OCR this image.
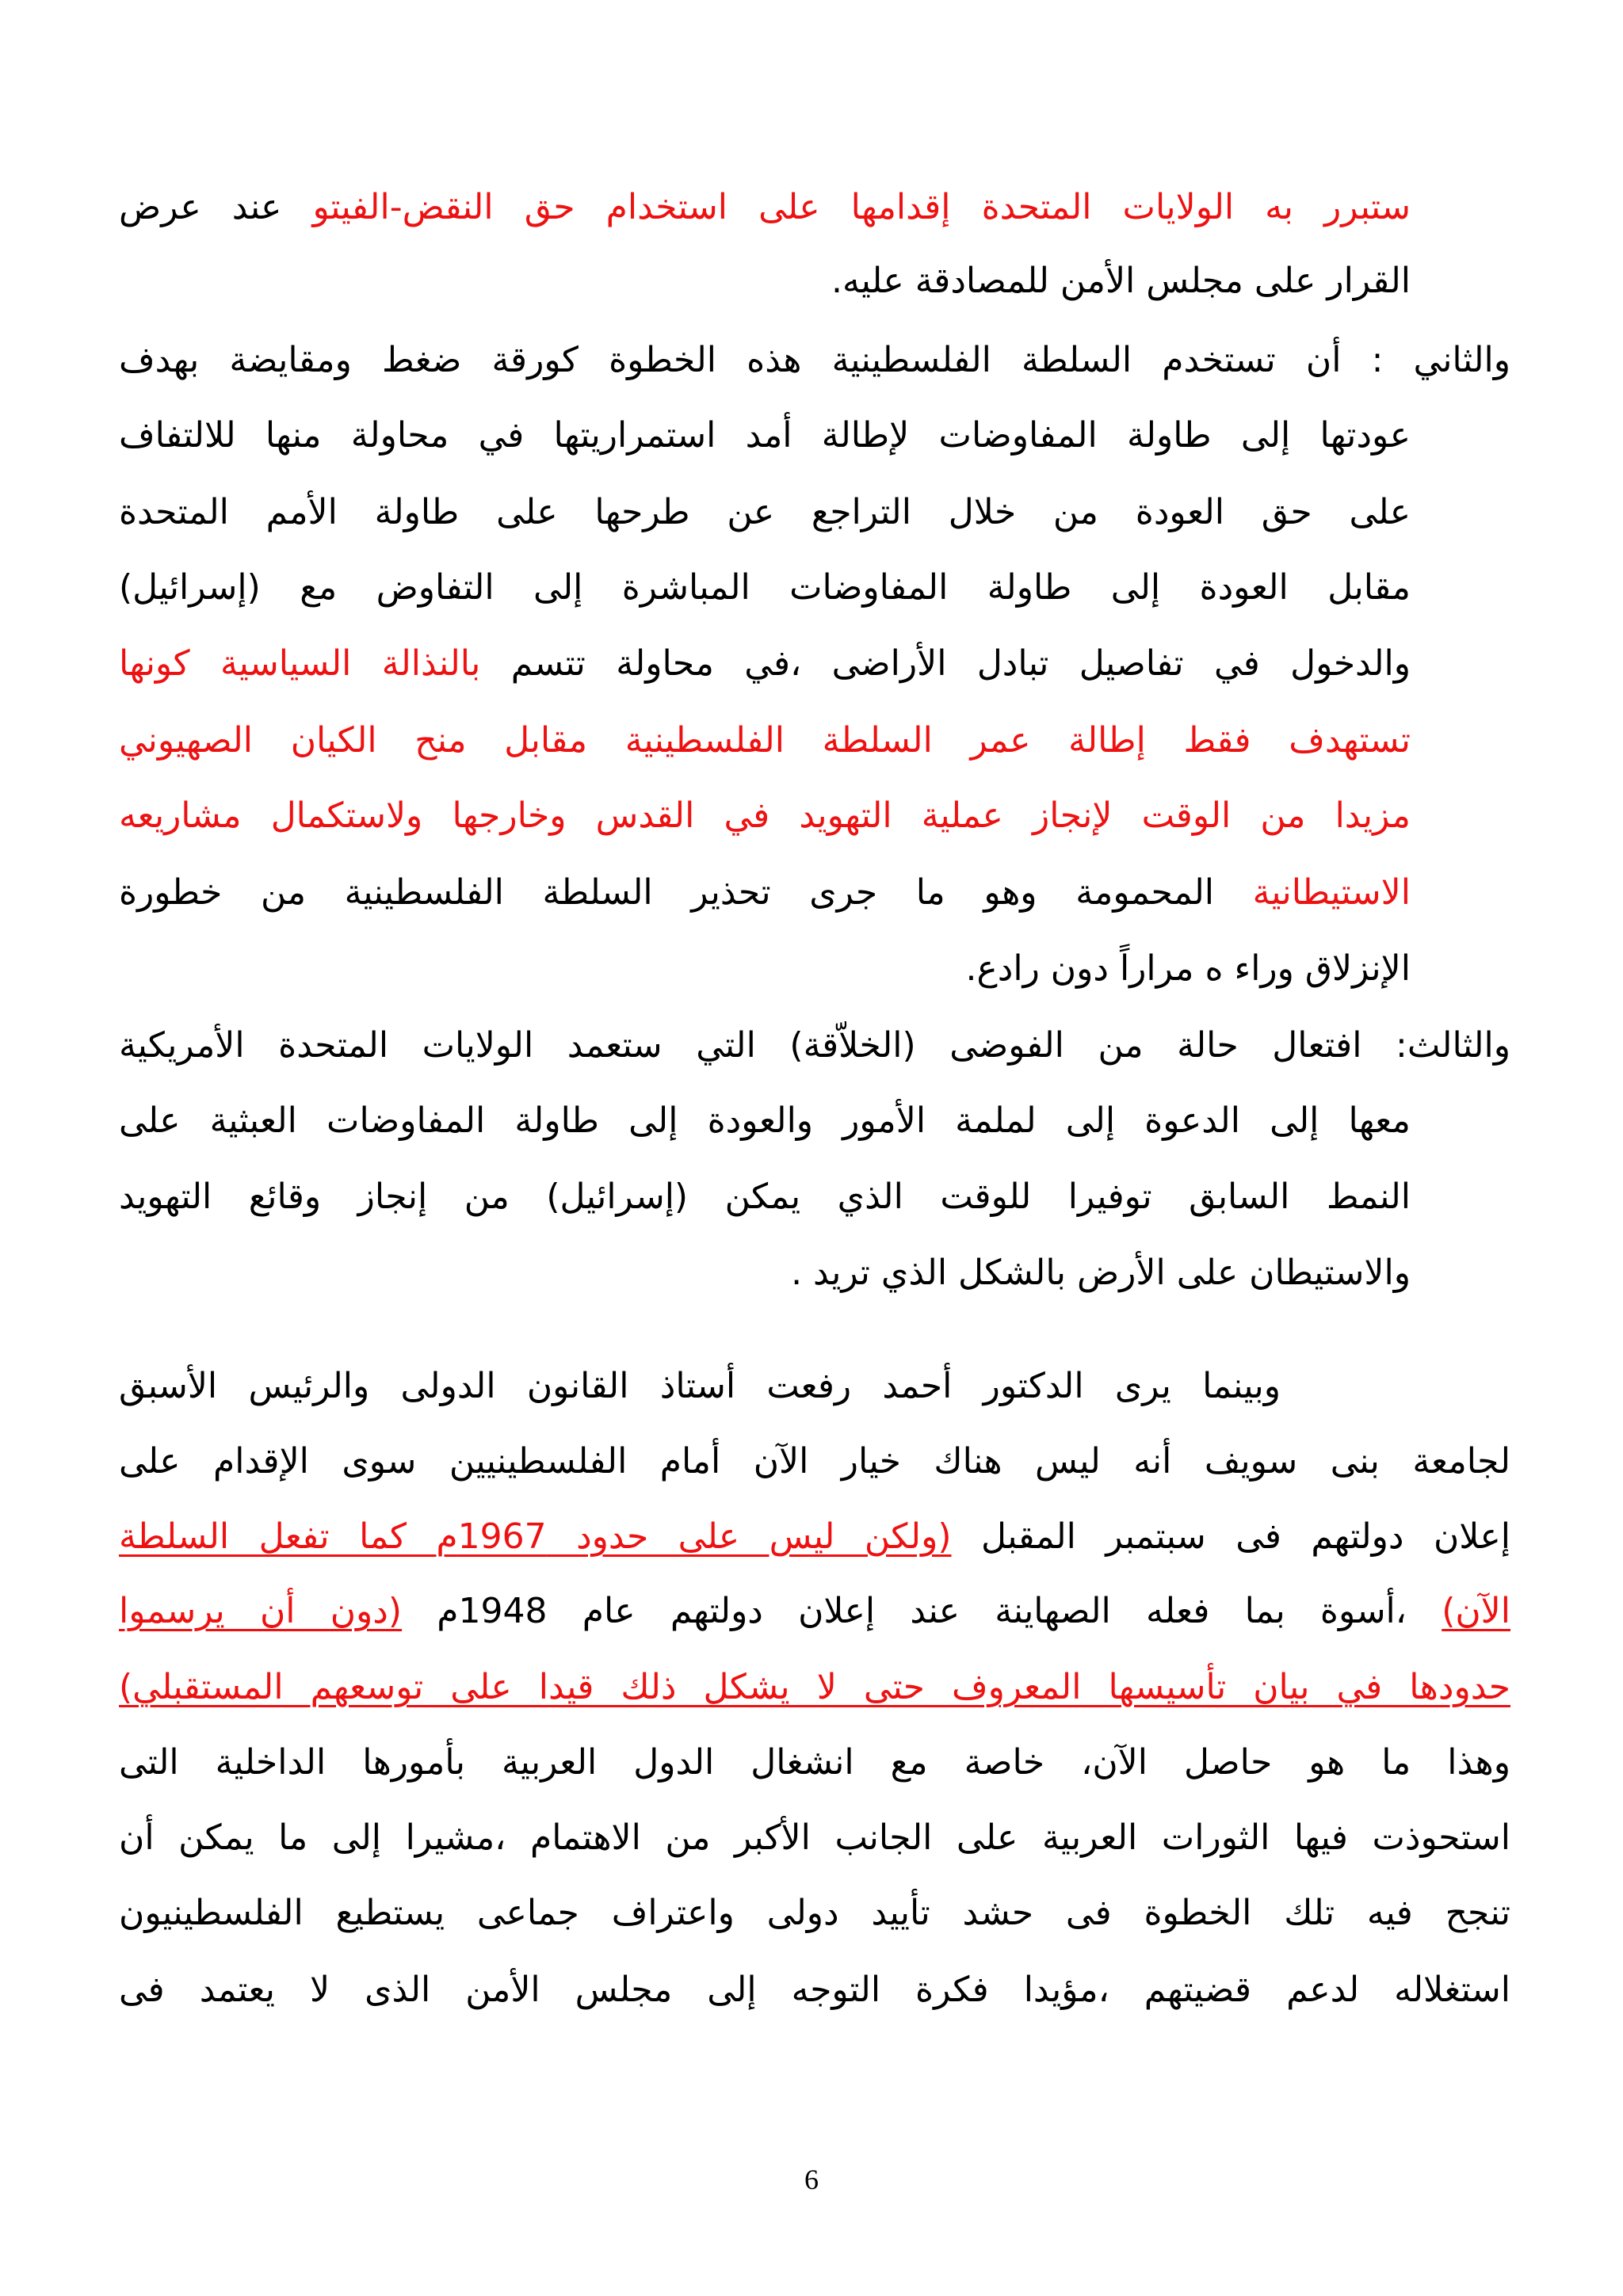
ستبرر به الولايات المتحدة إقدامها على استخدام حق النقض-الفيتو عند عرض
القرار على مجلس الأمن للمصادقة عليه.
والثاني : أن تستخدم السلطة الفلسطينية هذه الخطوة كورقة ضغط ومقايضة بهدف
عودتها إلى طاولة المفاوضات لإطالة أمد استمراريتها في محاولة منها للالتفاف
على حق العودة من خلال التراجع عن طرحها على طاولة الأمم المتحدة
مقابل العودة إلى طاولة المفاوضات المباشرة إلى التفاوض مع (إسرائيل)
والدخول في تفاصيل تبادل الأراضى ،في محاولة تتسم بالنذالة السياسية كونها
تستهدف فقط إطالة عمر السلطة الفلسطينية مقابل منح الكيان الصهيوني
مزيدا من الوقت لإنجاز عملية التهويد في القدس وخارجها ولاستكمال مشاريعه
الاستيطانية المحمومة وهو ما جرى تحذير السلطة الفلسطينية من خطورة
الإنزلاق وراء ه مراراً دون رادع.
والثالث: افتعال حالة من الفوضى (الخلاّقة) التي ستعمد الولايات المتحدة الأمريكية
معها إلى الدعوة إلى لملمة الأمور والعودة إلى طاولة المفاوضات العبثية على
النمط السابق توفيرا للوقت الذي يمكن (إسرائيل) من إنجاز وقائع التهويد
والاستيطان على الأرض بالشكل الذي تريد .
وبينما يرى الدكتور أحمد رفعت أستاذ القانون الدولى والرئيس الأسبق
لجامعة بنى سويف أنه ليس هناك خيار الآن أمام الفلسطينيين سوى الإقدام على
إعلان دولتهم فى سبتمبر المقبل (ولكن ليس على حدود 1967م كما تفعل السلطة
الآن) ،أسوة بما فعله الصهاينة عند إعلان دولتهم عام 1948م (دون أن يرسموا
حدودها في بيان تأسيسها المعروف حتى لا يشكل ذلك قيدا على توسعهم المستقبلي)
وهذا ما هو حاصل الآن، خاصة مع انشغال الدول العربية بأمورها الداخلية التى
استحوذت فيها الثورات العربية على الجانب الأكبر من الاهتمام ،مشيرا إلى ما يمكن أن
تنجح فيه تلك الخطوة فى حشد تأييد دولى واعتراف جماعى يستطيع الفلسطينيون
استغلاله لدعم قضيتهم ،مؤيدا فكرة التوجه إلى مجلس الأمن الذى لا يعتمد فى
6
